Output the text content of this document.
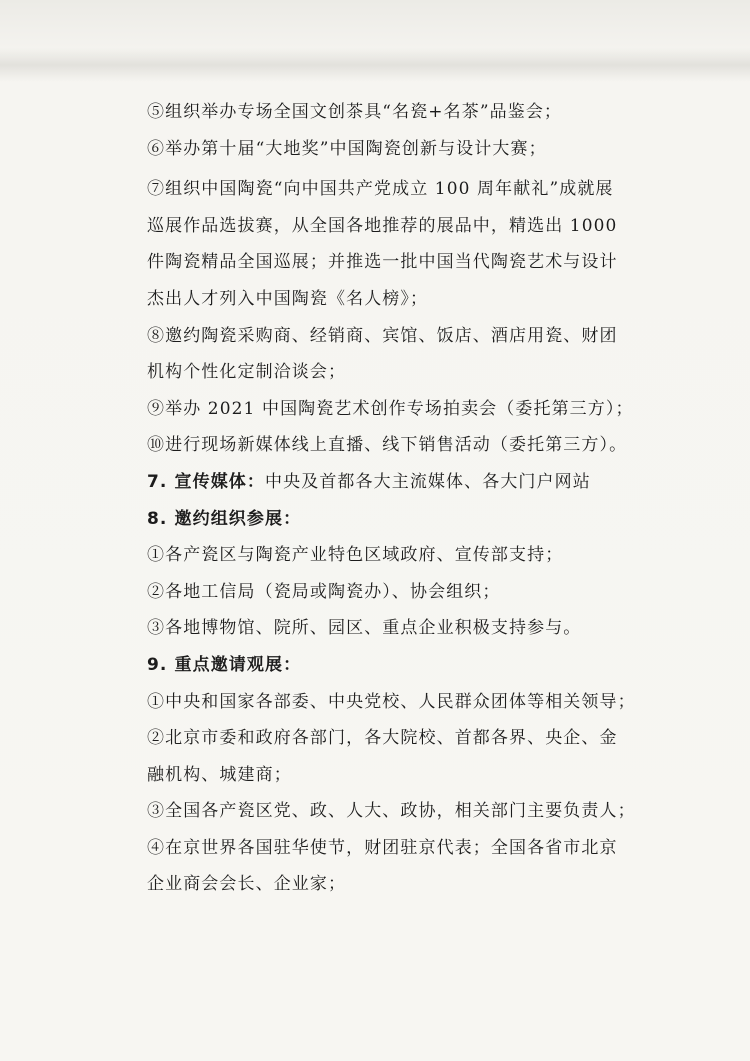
⑤组织举办专场全国文创茶具“名瓷+名茶”品鉴会；
⑥举办第十届“大地奖”中国陶瓷创新与设计大赛；
⑦组织中国陶瓷“向中国共产党成立 100 周年献礼”成就展
巡展作品选拔赛，从全国各地推荐的展品中，精选出 1000
件陶瓷精品全国巡展；并推选一批中国当代陶瓷艺术与设计
杰出人才列入中国陶瓷《名人榜》；
⑧邀约陶瓷采购商、经销商、宾馆、饭店、酒店用瓷、财团
机构个性化定制洽谈会；
⑨举办 2021 中国陶瓷艺术创作专场拍卖会（委托第三方）；
⑩进行现场新媒体线上直播、线下销售活动（委托第三方）。
7. 宣传媒体：中央及首都各大主流媒体、各大门户网站
8. 邀约组织参展：
①各产瓷区与陶瓷产业特色区域政府、宣传部支持；
②各地工信局（瓷局或陶瓷办）、协会组织；
③各地博物馆、院所、园区、重点企业积极支持参与。
9. 重点邀请观展：
①中央和国家各部委、中央党校、人民群众团体等相关领导；
②北京市委和政府各部门，各大院校、首都各界、央企、金
融机构、城建商；
③全国各产瓷区党、政、人大、政协，相关部门主要负责人；
④在京世界各国驻华使节，财团驻京代表；全国各省市北京
企业商会会长、企业家；
